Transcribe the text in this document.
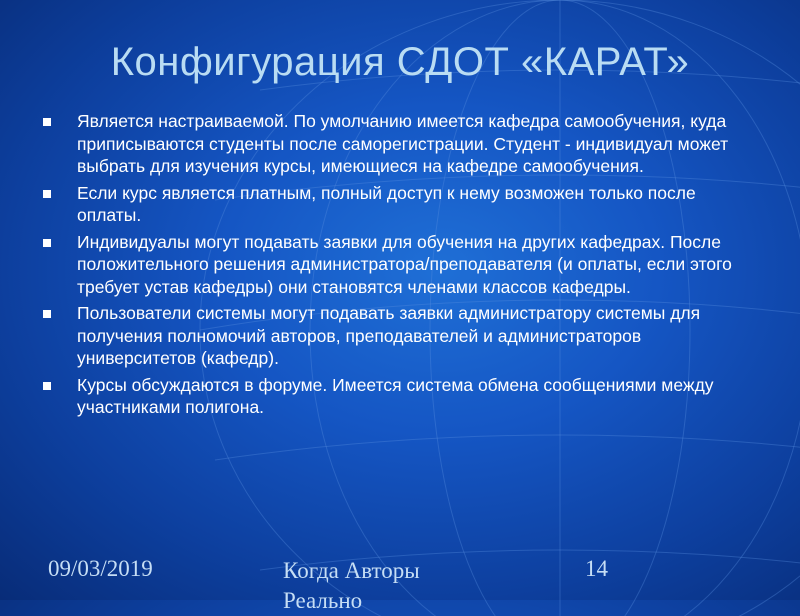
Конфигурация СДОТ «КАРАТ»
Является настраиваемой. По умолчанию имеется кафедра самообучения, куда приписываются студенты после саморегистрации. Студент - индивидуал может выбрать для изучения курсы, имеющиеся на кафедре самообучения.
Если курс является платным, полный доступ к нему возможен только после оплаты.
Индивидуалы могут подавать заявки для обучения на других кафедрах. После положительного решения администратора/преподавателя (и оплаты, если этого требует устав кафедры) они становятся членами классов кафедры.
Пользователи системы могут подавать заявки администратору системы для получения полномочий авторов, преподавателей и администраторов университетов (кафедр).
Курсы обсуждаются в форуме. Имеется система обмена сообщениями между участниками полигона.
09/03/2019	Когда Авторы Реально
14
